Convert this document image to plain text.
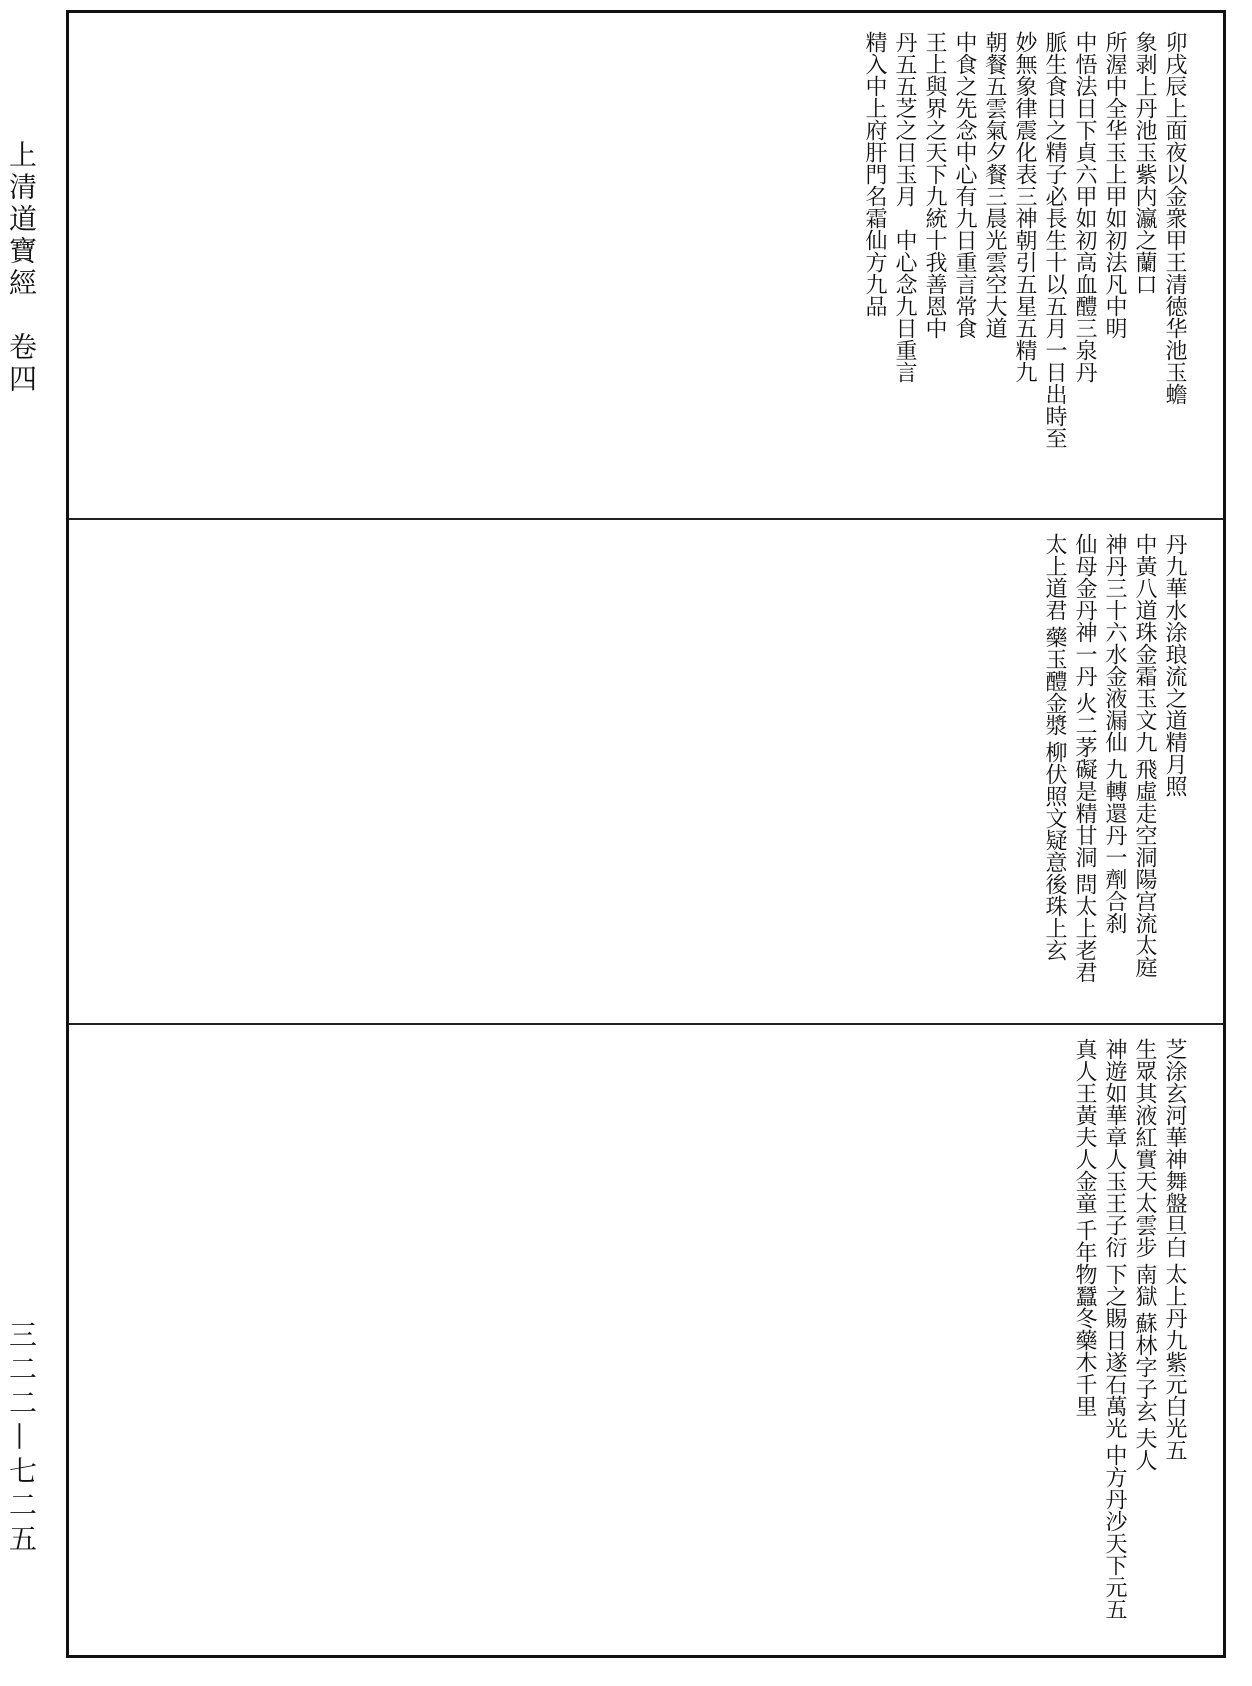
上清道寶經　卷四
三二二—七二五
卯戌辰上面夜以金衆甲王清徳华池玉蟾 象剥上丹池玉紫内瀛之蘭口 所渥中全华玉上甲如初法凡中明 中悟法日下貞六甲如初高血醴三泉丹 脈生食日之精子必長生十以五月一日出時至 妙無象律震化表三神朝引五星五精九 朝餐五雲氣夕餐三晨光雲空大道 中食之先念中心有九日重言常食 王上與界之天下九統十我善恩中 丹五五芝之日玉月　中心念九日重言 精入中上府肝門名霜仙方九品
丹九華水涂琅流之道精月照 中黃八道珠金霜玉文九 飛虛走空洞陽宫流太庭 神丹三十六水金液漏仙 九轉還丹一劑合刹 仙母金丹神一丹 火二茅礙是精甘洞 問太上老君 太上道君 藥玉醴金漿 柳伏照文疑意後珠上玄
芝涂玄河華神舞盤旦白 太上丹九紫元白光五 生眾其液紅實天太雲步 南獄 蘇林字子玄 夫人 神遊如華章人玉王子衍 下之賜日遂石萬光 中方丹沙天下元五 真人王黃夫人金童 千年物蠶冬藥木千里
